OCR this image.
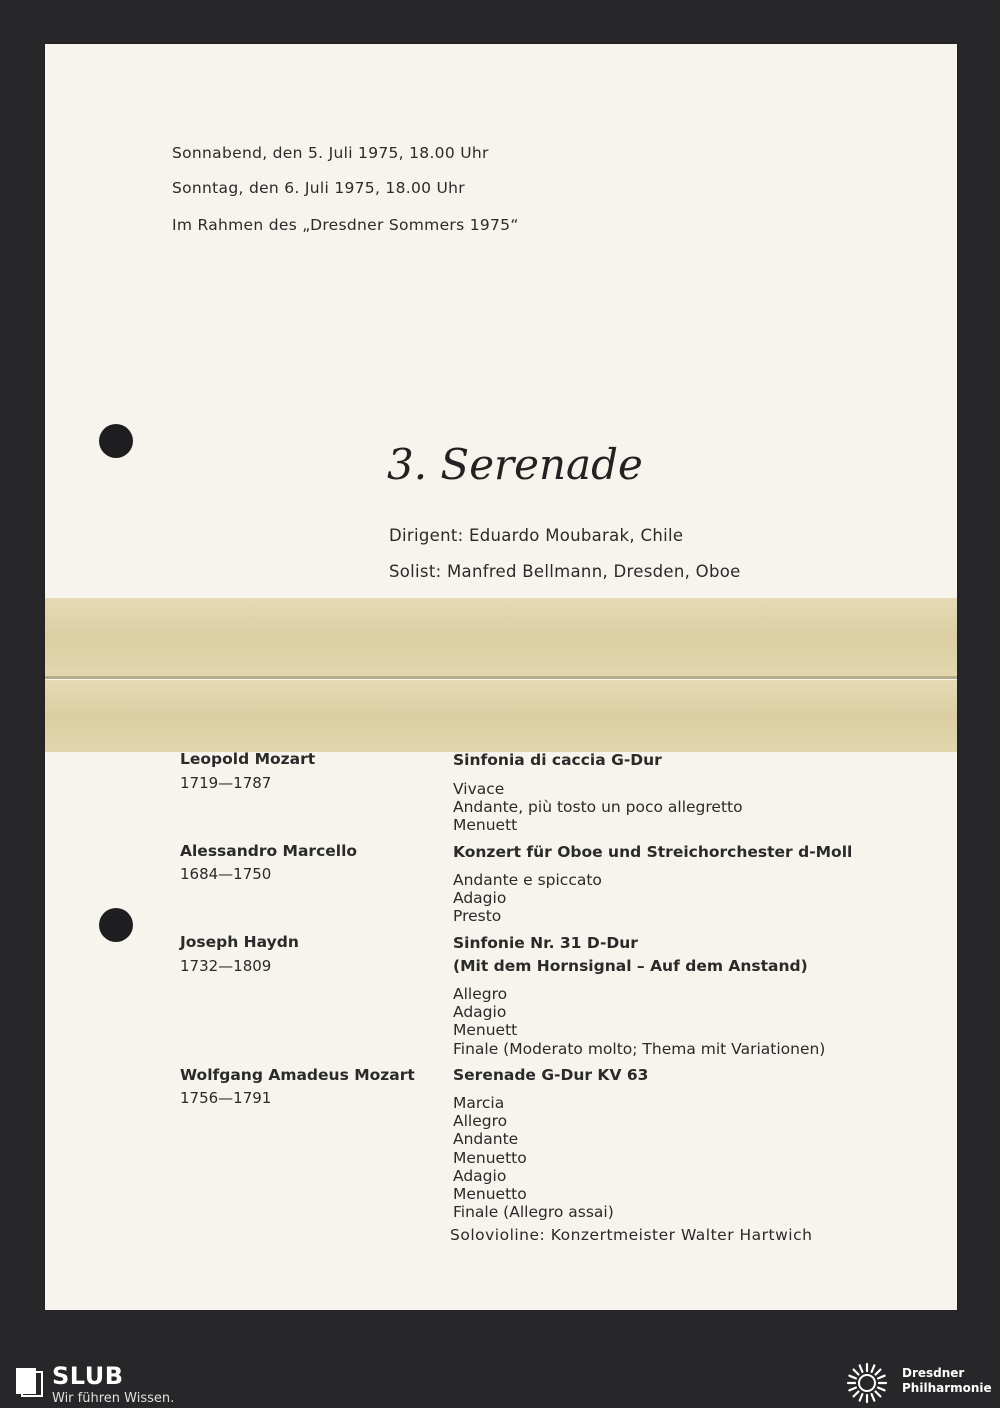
Sonnabend, den 5. Juli 1975, 18.00 Uhr
Sonntag, den 6. Juli 1975, 18.00 Uhr
Im Rahmen des „Dresdner Sommers 1975“
3. Serenade
Dirigent: Eduardo Moubarak, Chile
Solist: Manfred Bellmann, Dresden, Oboe
Leopold Mozart
1719—1787
Sinfonia di caccia G-Dur
Vivace
Andante, più tosto un poco allegretto
Menuett
Alessandro Marcello
1684—1750
Konzert für Oboe und Streichorchester d-Moll
Andante e spiccato
Adagio
Presto
Joseph Haydn
1732—1809
Sinfonie Nr. 31 D-Dur
(Mit dem Hornsignal – Auf dem Anstand)
Allegro
Adagio
Menuett
Finale (Moderato molto; Thema mit Variationen)
Wolfgang Amadeus Mozart
1756—1791
Serenade G-Dur KV 63
Marcia
Allegro
Andante
Menuetto
Adagio
Menuetto
Finale (Allegro assai)
Solovioline: Konzertmeister Walter Hartwich
SLUB
Wir führen Wissen.
Dresdner Philharmonie
